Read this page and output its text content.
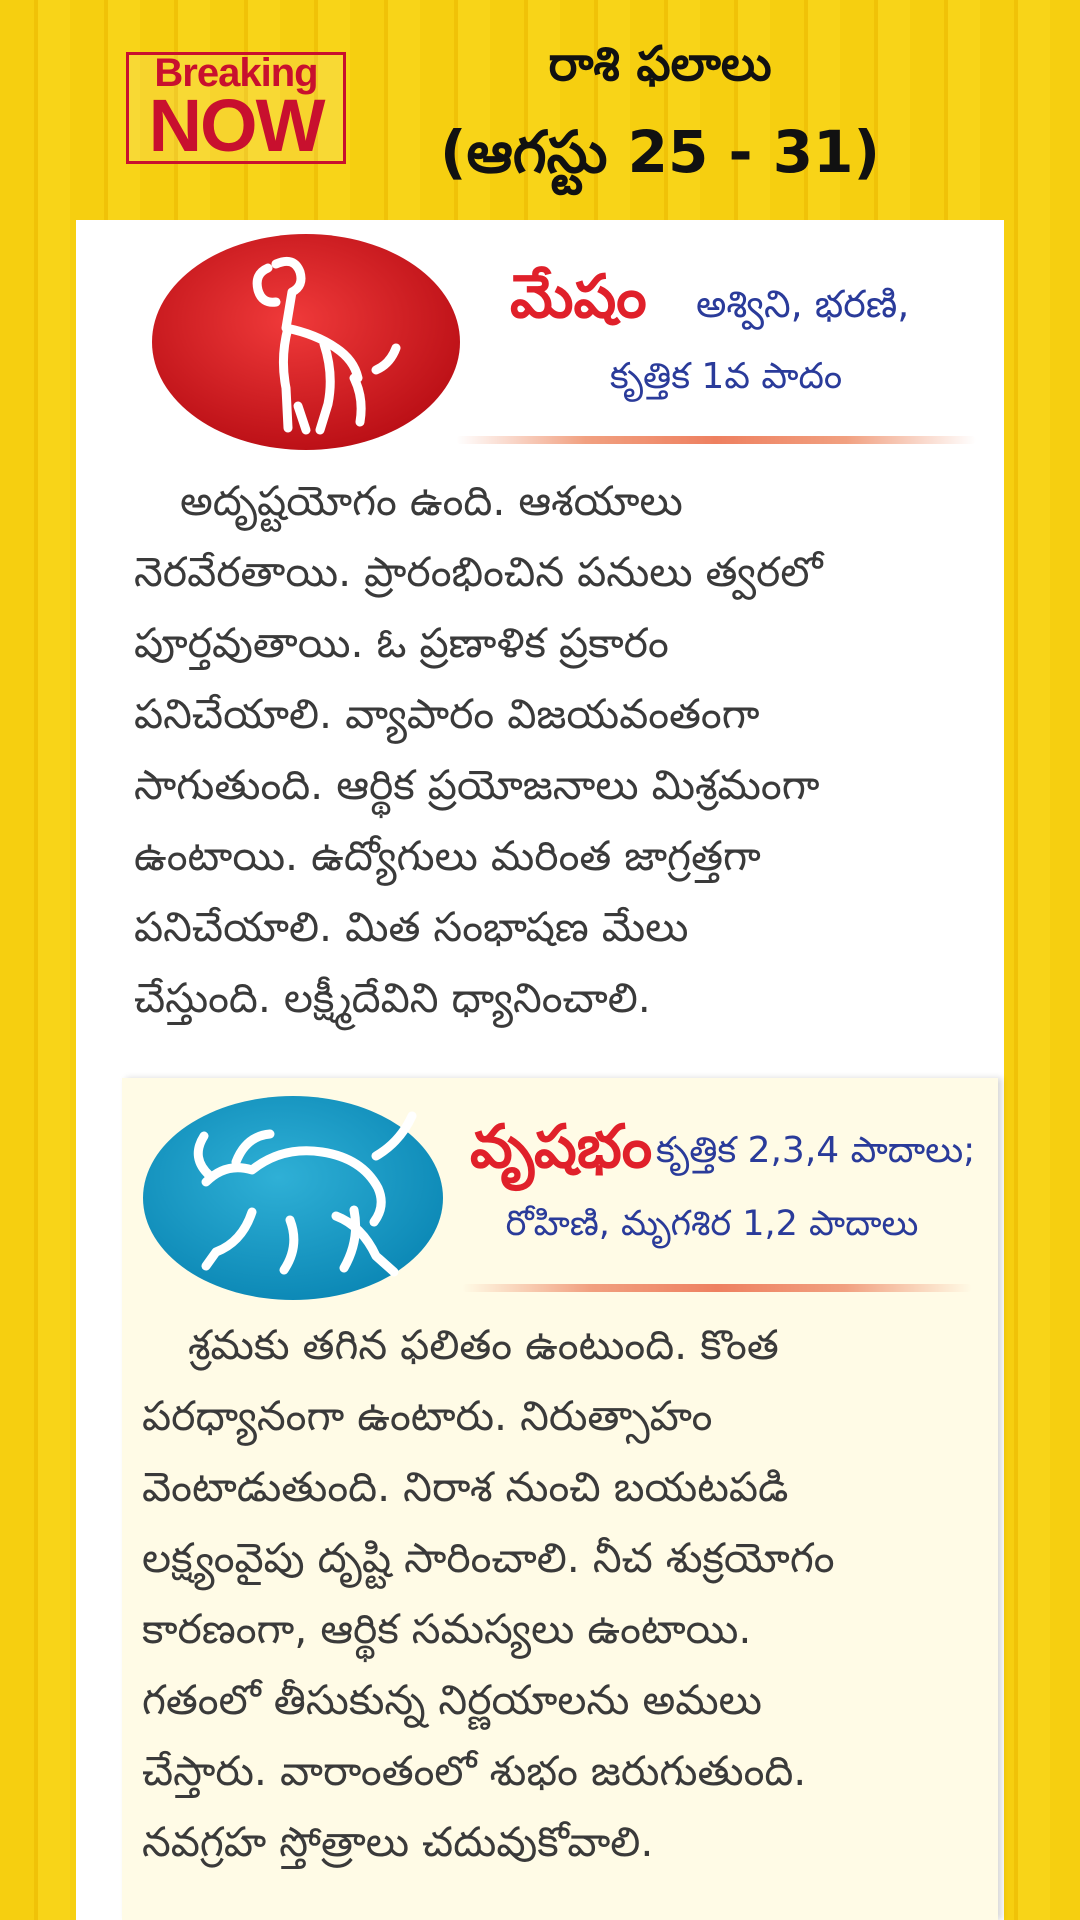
Breaking
NOW
రాశి ఫలాలు
(ఆగస్టు 25 - 31)
మేషం అశ్విని, భరణి,
కృత్తిక 1వ పాదం
అదృష్టయోగం ఉంది. ఆశయాలు
నెరవేరతాయి. ప్రారంభించిన పనులు త్వరలో
పూర్తవుతాయి. ఓ ప్రణాళిక ప్రకారం
పనిచేయాలి. వ్యాపారం విజయవంతంగా
సాగుతుంది. ఆర్థిక ప్రయోజనాలు మిశ్రమంగా
ఉంటాయి. ఉద్యోగులు మరింత జాగ్రత్తగా
పనిచేయాలి. మిత సంభాషణ మేలు
చేస్తుంది. లక్ష్మీదేవిని ధ్యానించాలి.
వృషభం కృత్తిక 2,3,4 పాదాలు;
రోహిణి, మృగశిర 1,2 పాదాలు
శ్రమకు తగిన ఫలితం ఉంటుంది. కొంత
పరధ్యానంగా ఉంటారు. నిరుత్సాహం
వెంటాడుతుంది. నిరాశ నుంచి బయటపడి
లక్ష్యంవైపు దృష్టి సారించాలి. నీచ శుక్రయోగం
కారణంగా, ఆర్థిక సమస్యలు ఉంటాయి.
గతంలో తీసుకున్న నిర్ణయాలను అమలు
చేస్తారు. వారాంతంలో శుభం జరుగుతుంది.
నవగ్రహ స్తోత్రాలు చదువుకోవాలి.
